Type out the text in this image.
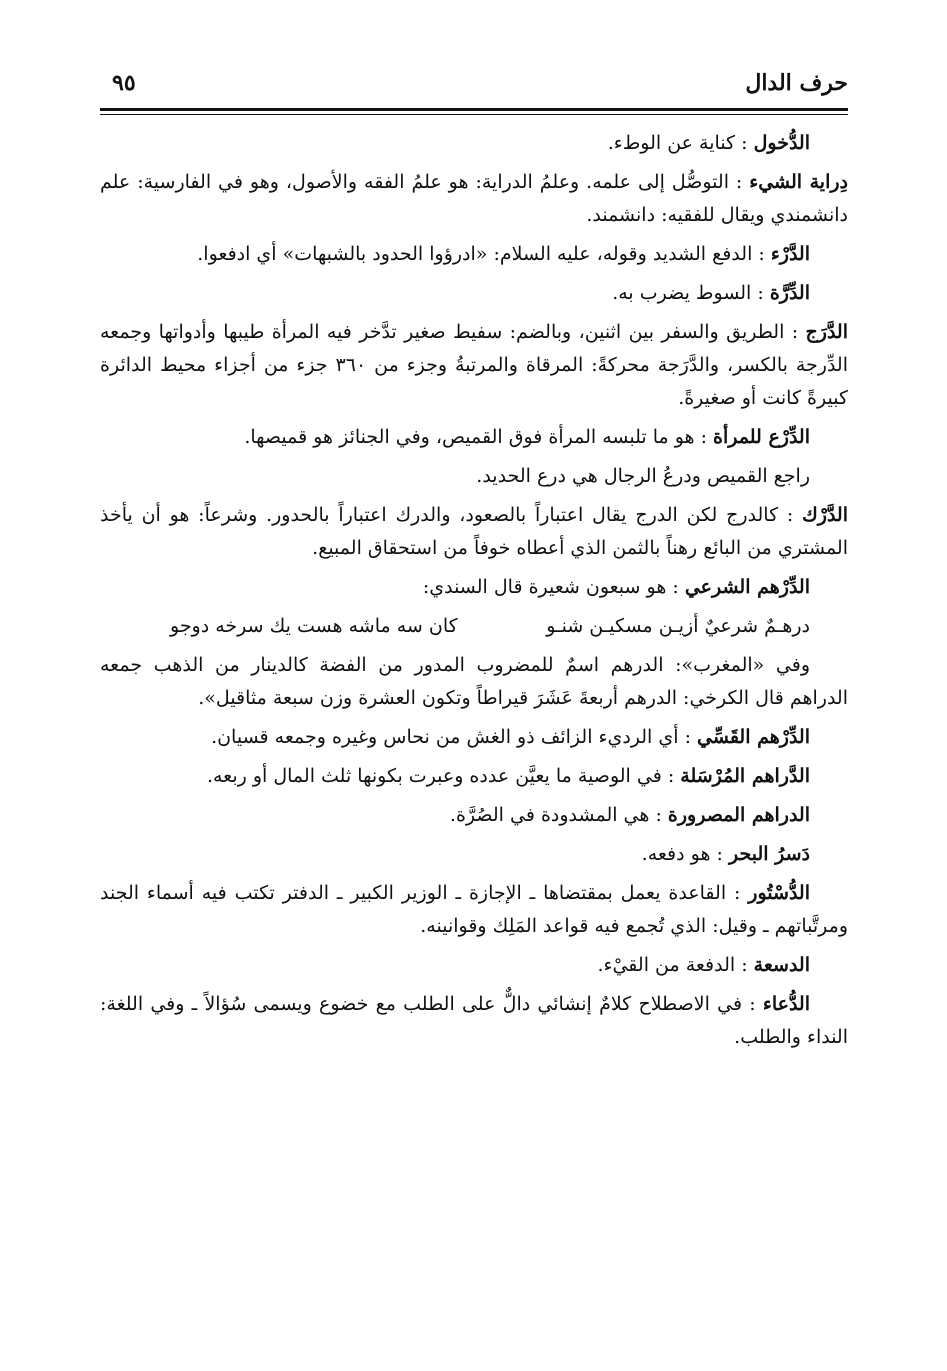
حرف الدال
٩٥

الدُّخول : كناية عن الوطء.

دِراية الشيء : التوصُّل إلى علمه. وعلمُ الدراية: هو علمُ الفقه والأصول، وهو في الفارسية: علم دانشمندي ويقال للفقيه: دانشمند.

الدَّرْء : الدفع الشديد وقوله، عليه السلام: «ادرؤوا الحدود بالشبهات» أي ادفعوا.

الدِّرَّة : السوط يضرب به.

الدَّرَج : الطريق والسفر بين اثنين، وبالضم: سفيط صغير تدَّخر فيه المرأة طيبها وأدواتها وجمعه الدِّرجة بالكسر، والدَّرَجة محركةً: المرقاة والمرتبةُ وجزء من ٣٦٠ جزء من أجزاء محيط الدائرة كبيرةً كانت أو صغيرةً.

الدِّرْع للمرأة : هو ما تلبسه المرأة فوق القميص، وفي الجنائز هو قميصها.

راجع القميص ودرعُ الرجال هي درع الحديد.

الدَّرْك : كالدرج لكن الدرج يقال اعتباراً بالصعود، والدرك اعتباراً بالحدور. وشرعاً: هو أن يأخذ المشتري من البائع رهناً بالثمن الذي أعطاه خوفاً من استحقاق المبيع.

الدِّرْهم الشرعي : هو سبعون شعيرة قال السندي:

درهـمٌ شرعيٌ أزيـن مسكيـن شنـو
كان سه ماشه هست يك سرخه دوجو

وفي «المغرب»: الدرهم اسمٌ للمضروب المدور من الفضة كالدينار من الذهب جمعه الدراهم قال الكرخي: الدرهم أربعةَ عَشَرَ قيراطاً وتكون العشرة وزن سبعة مثاقيل».

الدِّرْهم القَسِّي : أي الرديء الزائف ذو الغش من نحاس وغيره وجمعه قسيان.

الدَّراهم المُرْسَلة : في الوصية ما يعيَّن عدده وعبرت بكونها ثلث المال أو ربعه.

الدراهم المصرورة : هي المشدودة في الصُرَّة.

دَسرُ البحر : هو دفعه.

الدُّسْتُور : القاعدة يعمل بمقتضاها ـ الإجازة ـ الوزير الكبير ـ الدفتر تكتب فيه أسماء الجند ومرتَّباتهم ـ وقيل: الذي تُجمع فيه قواعد المَلِك وقوانينه.

الدسعة : الدفعة من القيْء.

الدُّعاء : في الاصطلاح كلامٌ إنشائي دالٌّ على الطلب مع خضوع ويسمى سُؤالاً ـ وفي اللغة: النداء والطلب.
